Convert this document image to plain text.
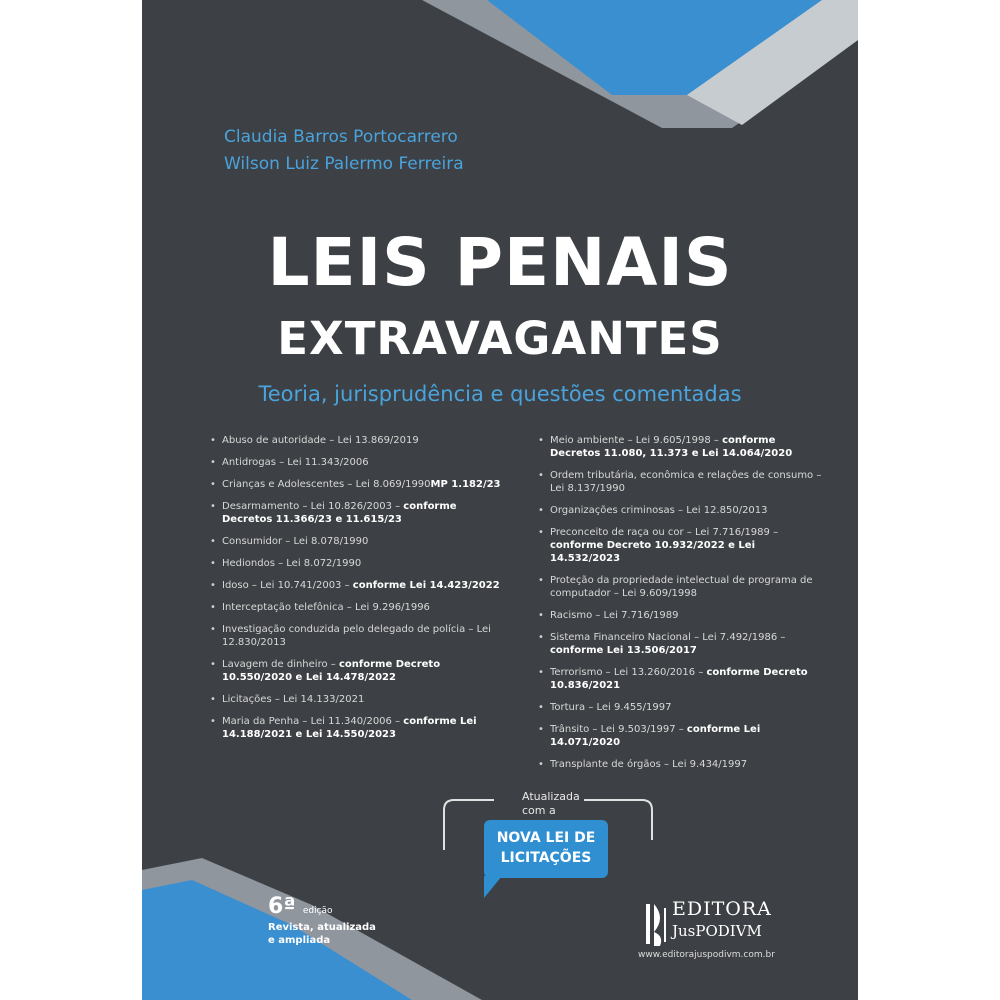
Claudia Barros Portocarrero
Wilson Luiz Palermo Ferreira
LEIS PENAIS
EXTRAVAGANTES
Teoria, jurisprudência e questões comentadas
• Abuso de autoridade – Lei 13.869/2019
• Antidrogas – Lei 11.343/2006
• Crianças e Adolescentes – Lei 8.069/1990MP 1.182/23
• Desarmamento – Lei 10.826/2003 – conforme Decretos 11.366/23 e 11.615/23
• Consumidor – Lei 8.078/1990
• Hediondos – Lei 8.072/1990
• Idoso – Lei 10.741/2003 – conforme Lei 14.423/2022
• Interceptação telefônica – Lei 9.296/1996
• Investigação conduzida pelo delegado de polícia – Lei 12.830/2013
• Lavagem de dinheiro – conforme Decreto 10.550/2020 e Lei 14.478/2022
• Licitações – Lei 14.133/2021
• Maria da Penha – Lei 11.340/2006 – conforme Lei 14.188/2021 e Lei 14.550/2023
• Meio ambiente – Lei 9.605/1998 – conforme Decretos 11.080, 11.373 e Lei 14.064/2020
• Ordem tributária, econômica e relações de consumo – Lei 8.137/1990
• Organizações criminosas – Lei 12.850/2013
• Preconceito de raça ou cor – Lei 7.716/1989 – conforme Decreto 10.932/2022 e Lei 14.532/2023
• Proteção da propriedade intelectual de programa de computador – Lei 9.609/1998
• Racismo – Lei 7.716/1989
• Sistema Financeiro Nacional – Lei 7.492/1986 – conforme Lei 13.506/2017
• Terrorismo – Lei 13.260/2016 – conforme Decreto 10.836/2021
• Tortura – Lei 9.455/1997
• Trânsito – Lei 9.503/1997 – conforme Lei 14.071/2020
• Transplante de órgãos – Lei 9.434/1997
Atualizada
com a
NOVA LEI DE
LICITAÇÕES
6ª edição
Revista, atualizada
e ampliada
EDITORA
JusPODIVM
www.editorajuspodivm.com.br
